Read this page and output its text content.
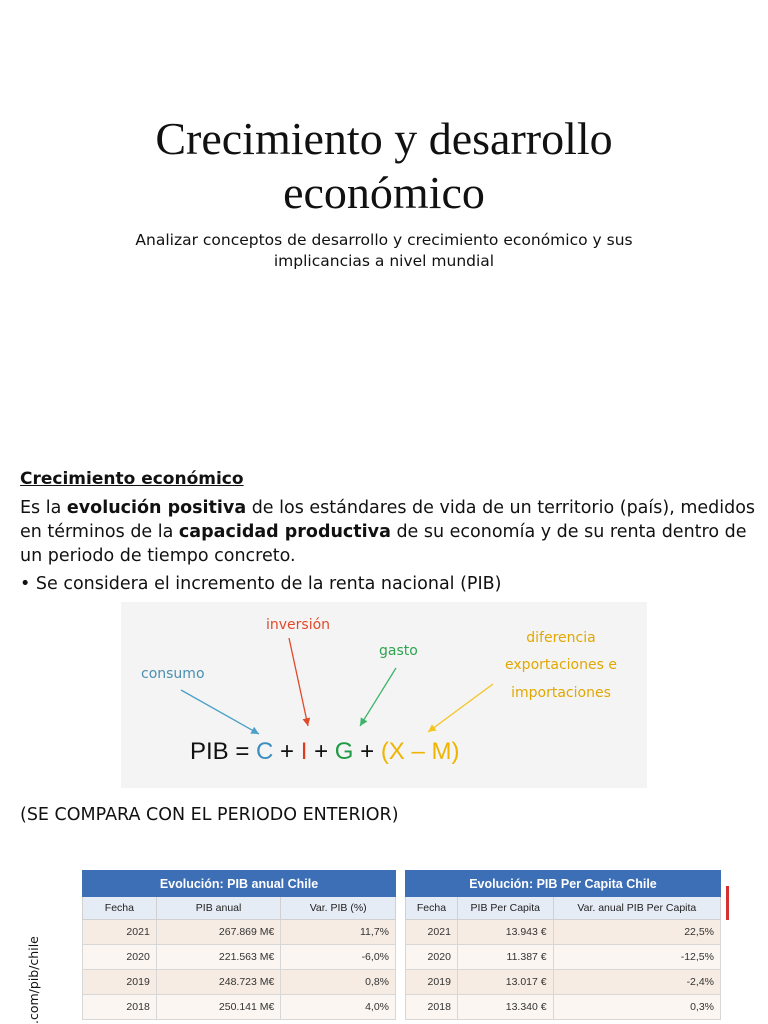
Crecimiento y desarrollo
económico
Analizar conceptos de desarrollo y crecimiento económico y sus
implicancias a nivel mundial

Crecimiento económico

Es la evolución positiva de los estándares de vida de un territorio (país), medidos en términos de la capacidad productiva de su economía y de su renta dentro de un periodo de tiempo concreto.

• Se considera el incremento de la renta nacional (PIB)

consumo
inversión
gasto
diferencia
exportaciones e
importaciones
PIB = C + I + G + (X – M)
(SE COMPARA CON EL PERIODO ENTERIOR)
.com/pib/chile
Evolución: PIB anual Chile		
Fecha	PIB anual	Var. PIB (%)
2021	267.869 M€	11,7%
2020	221.563 M€	-6,0%
2019	248.723 M€	0,8%
2018	250.141 M€	4,0%
Evolución: PIB Per Capita Chile		
Fecha	PIB Per Capita	Var. anual PIB Per Capita
2021	13.943 €	22,5%
2020	11.387 €	-12,5%
2019	13.017 €	-2,4%
2018	13.340 €	0,3%
